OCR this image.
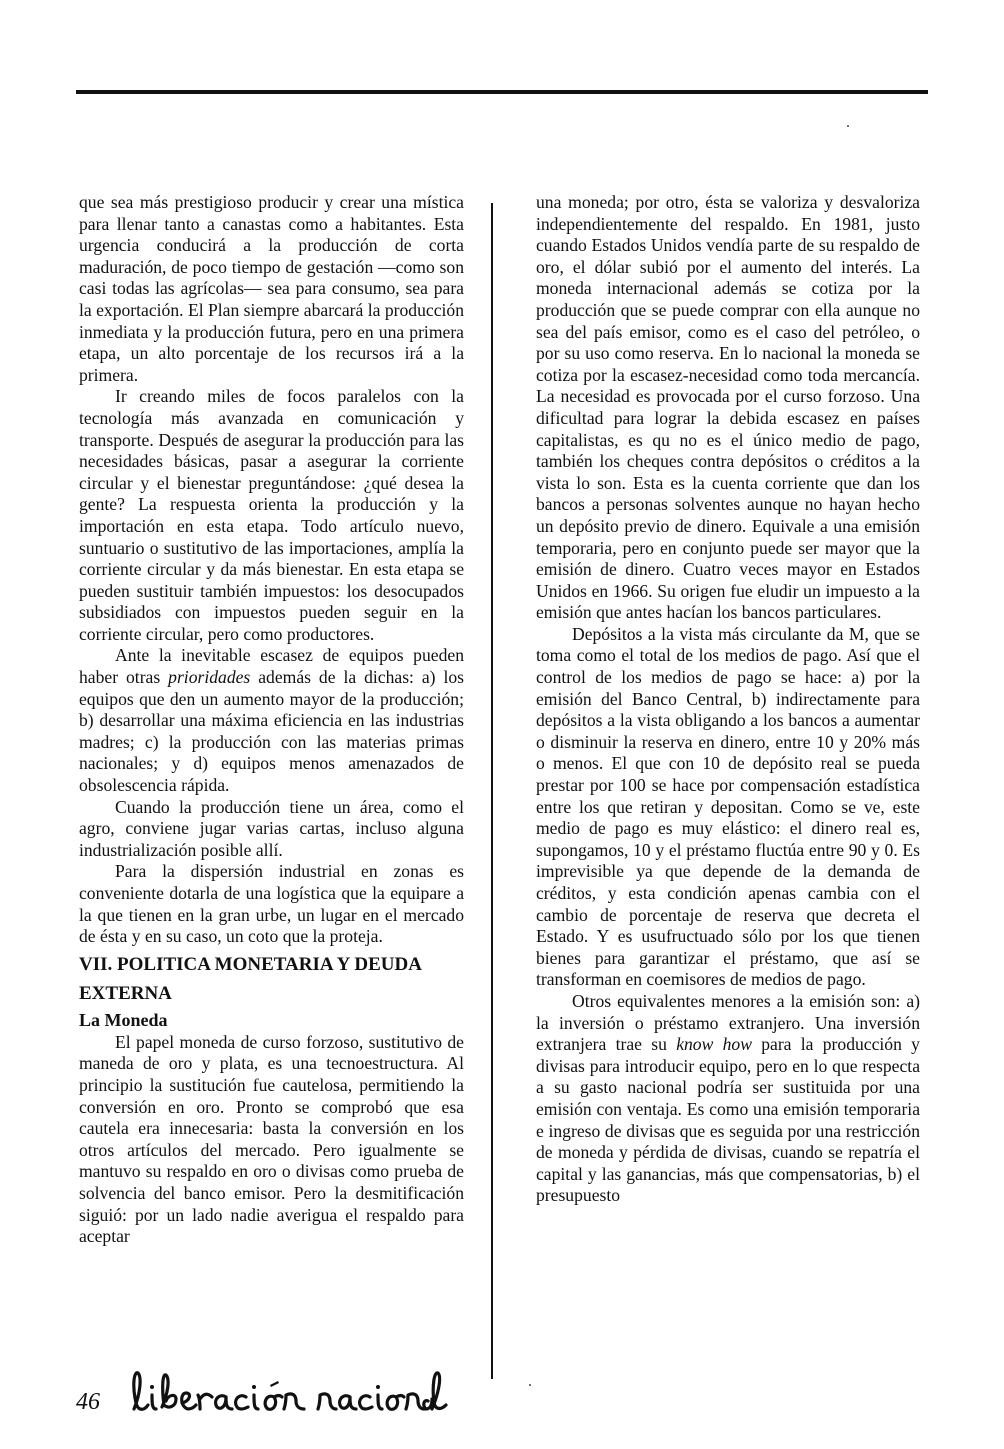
que sea más prestigioso producir y crear una mística para llenar tanto a canastas como a habitantes. Esta urgencia conducirá a la producción de corta maduración, de poco tiempo de gestación —como son casi todas las agrícolas— sea para consumo, sea para la exportación. El Plan siempre abarcará la producción inmediata y la producción futura, pero en una primera etapa, un alto porcentaje de los recursos irá a la primera.

Ir creando miles de focos paralelos con la tecnología más avanzada en comunicación y transporte. Después de asegurar la producción para las necesidades básicas, pasar a asegurar la corriente circular y el bienestar preguntándose: ¿qué desea la gente? La respuesta orienta la producción y la importación en esta etapa. Todo artículo nuevo, suntuario o sustitutivo de las importaciones, amplía la corriente circular y da más bienestar. En esta etapa se pueden sustituir también impuestos: los desocupados subsidiados con impuestos pueden seguir en la corriente circular, pero como productores.

Ante la inevitable escasez de equipos pueden haber otras prioridades además de la dichas: a) los equipos que den un aumento mayor de la producción; b) desarrollar una máxima eficiencia en las industrias madres; c) la producción con las materias primas nacionales; y d) equipos menos amenazados de obsolescencia rápida.

Cuando la producción tiene un área, como el agro, conviene jugar varias cartas, incluso alguna industrialización posible allí.

Para la dispersión industrial en zonas es conveniente dotarla de una logística que la equipare a la que tienen en la gran urbe, un lugar en el mercado de ésta y en su caso, un coto que la proteja.

VII. POLITICA MONETARIA Y DEUDA EXTERNA
La Moneda

El papel moneda de curso forzoso, sustitutivo de maneda de oro y plata, es una tecnoestructura. Al principio la sustitución fue cautelosa, permitiendo la conversión en oro. Pronto se comprobó que esa cautela era innecesaria: basta la conversión en los otros artículos del mercado. Pero igualmente se mantuvo su respaldo en oro o divisas como prueba de solvencia del banco emisor. Pero la desmitificación siguió: por un lado nadie averigua el respaldo para aceptar

una moneda; por otro, ésta se valoriza y desvaloriza independientemente del respaldo. En 1981, justo cuando Estados Unidos vendía parte de su respaldo de oro, el dólar subió por el aumento del interés. La moneda internacional además se cotiza por la producción que se puede comprar con ella aunque no sea del país emisor, como es el caso del petróleo, o por su uso como reserva. En lo nacional la moneda se cotiza por la escasez-necesidad como toda mercancía. La necesidad es provocada por el curso forzoso. Una dificultad para lograr la debida escasez en países capitalistas, es qu no es el único medio de pago, también los cheques contra depósitos o créditos a la vista lo son. Esta es la cuenta corriente que dan los bancos a personas solventes aunque no hayan hecho un depósito previo de dinero. Equivale a una emisión temporaria, pero en conjunto puede ser mayor que la emisión de dinero. Cuatro veces mayor en Estados Unidos en 1966. Su origen fue eludir un impuesto a la emisión que antes hacían los bancos particulares.

Depósitos a la vista más circulante da M, que se toma como el total de los medios de pago. Así que el control de los medios de pago se hace: a) por la emisión del Banco Central, b) indirectamente para depósitos a la vista obligando a los bancos a aumentar o disminuir la reserva en dinero, entre 10 y 20% más o menos. El que con 10 de depósito real se pueda prestar por 100 se hace por compensación estadística entre los que retiran y depositan. Como se ve, este medio de pago es muy elástico: el dinero real es, supongamos, 10 y el préstamo fluctúa entre 90 y 0. Es imprevisible ya que depende de la demanda de créditos, y esta condición apenas cambia con el cambio de porcentaje de reserva que decreta el Estado. Y es usufructuado sólo por los que tienen bienes para garantizar el préstamo, que así se transforman en coemisores de medios de pago.

Otros equivalentes menores a la emisión son: a) la inversión o préstamo extranjero. Una inversión extranjera trae su know how para la producción y divisas para introducir equipo, pero en lo que respecta a su gasto nacional podría ser sustituida por una emisión con ventaja. Es como una emisión temporaria e ingreso de divisas que es seguida por una restricción de moneda y pérdida de divisas, cuando se repatría el capital y las ganancias, más que compensatorias, b) el presupuesto

46
